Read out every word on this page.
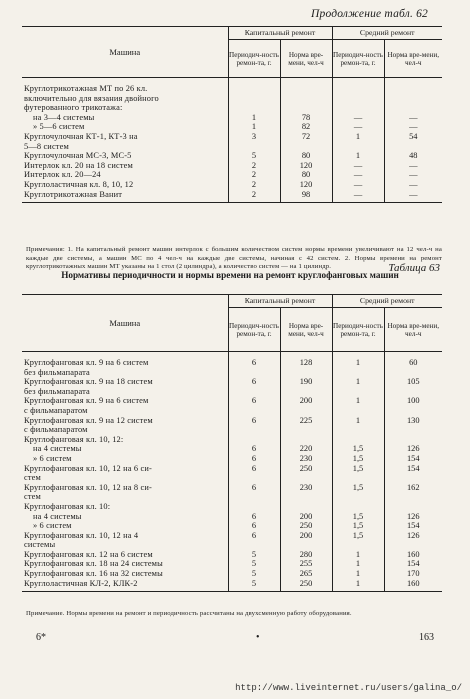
Продолжение табл. 62
Машина	Капитальный ремонт		Средний ремонт	
	Периодич-ность ремон-та, г.	Норма вре-мени, чел-ч	Периодич-ность ремон-та, г.	Норма вре-мени, чел-ч
Круглотрикотажная МТ по 26 кл.				
включительно для вязания двойного				
футерованного трикотажа:				
на 3—4 системы	1	78	—	—
» 5—6 систем	1	82	—	—
Круглочулочная КТ-1, КТ-3 на	3	72	1	54
5—8 систем				
Круглочулочная МС-3, МС-5	5	80	1	48
Интерлок кл. 20 на 18 систем	2	120	—	—
Интерлок кл. 20—24	2	80	—	—
Круглоластичная кл. 8, 10, 12	2	120	—	—
Круглотрикотажная Ванит	2	98	—	—
Примечания: 1. На капитальный ремонт машин интерлок с большим количеством систем нормы времени увеличивают на 12 чел-ч на каждые две системы, а машин МС по 4 чел-ч на каждые две системы, начиная с 42 систем. 2. Нормы времени на ремонт круглотрикотажных машин МТ указаны на 1 стол (2 цилиндра), а количество систем — на 1 цилиндр.	Таблица 63
Нормативы периодичности и нормы времени на ремонт круглофанговых машин
Машина	Капитальный ремонт		Средний ремонт	
	Периодич-ность ремон-та, г.	Норма вре-мени, чел-ч	Периодич-ность ремон-та, г.	Норма вре-мени, чел-ч
Круглофанговая кл. 9 на 6 систем	6	128	1	60
без фильмапарата				
Круглофанговая кл. 9 на 18 систем	6	190	1	105
без фильмапарата				
Круглофанговая кл. 9 на 6 систем	6	200	1	100
с фильмапаратом				
Круглофанговая кл. 9 на 12 систем	6	225	1	130
с фильмапаратом				
Круглофанговая кл. 10, 12:				
на 4 системы	6	220	1,5	126
» 6 систем	6	230	1,5	154
Круглофанговая кл. 10, 12 на 6 си-	6	250	1,5	154
стем				
Круглофанговая кл. 10, 12 на 8 си-	6	230	1,5	162
стем				
Круглофанговая кл. 10:				
на 4 системы	6	200	1,5	126
» 6 систем	6	250	1,5	154
Круглофанговая кл. 10, 12 на 4	6	200	1,5	126
системы				
Круглофанговая кл. 12 на 6 систем	5	280	1	160
Круглофанговая кл. 18 на 24 системы	5	255	1	154
Круглофанговая кл. 16 на 32 системы	5	265	1	170
Круглоластичная КЛ-2, КЛК-2	5	250	1	160
Примечание. Нормы времени на ремонт и периодичность рассчитаны на двухсменную работу оборудования.
6*	•	163
http://www.liveinternet.ru/users/galina_o/
